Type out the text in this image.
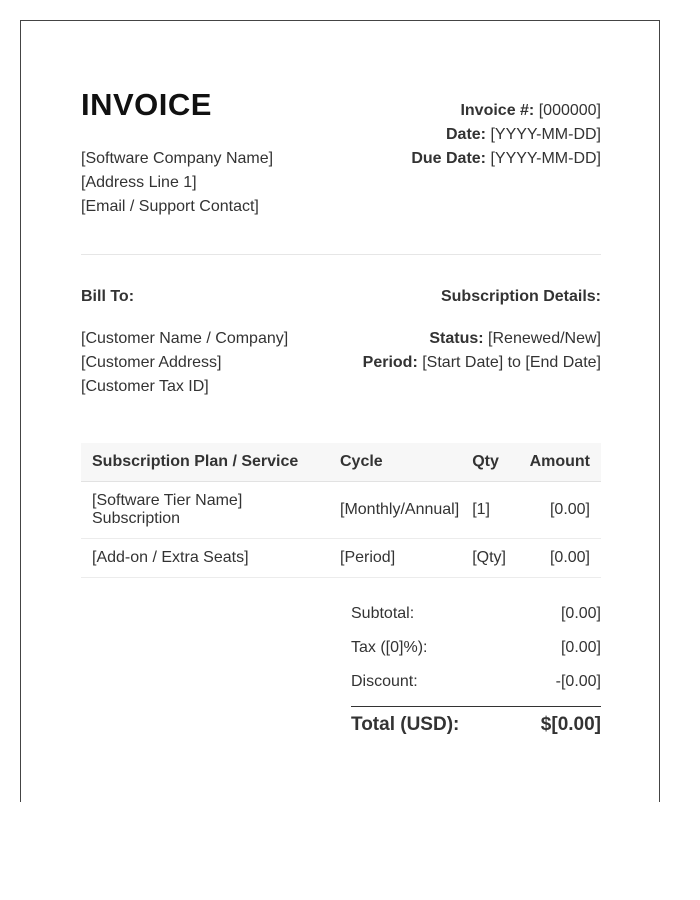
INVOICE
[Software Company Name]
[Address Line 1]
[Email / Support Contact]
Invoice #: [000000]
Date: [YYYY-MM-DD]
Due Date: [YYYY-MM-DD]
Bill To:	Subscription Details:
[Customer Name / Company]
[Customer Address]
[Customer Tax ID]
Status: [Renewed/New]
Period: [Start Date] to [End Date]
Subscription Plan / Service	Cycle	Qty	Amount

[Software Tier Name]
Subscription	[Monthly/Annual]	[1]	[0.00]
[Add-on / Extra Seats]	[Period]	[Qty]	[0.00]
Subtotal:	[0.00]
Tax ([0]%):	[0.00]
Discount:	-[0.00]
Total (USD):	$[0.00]
